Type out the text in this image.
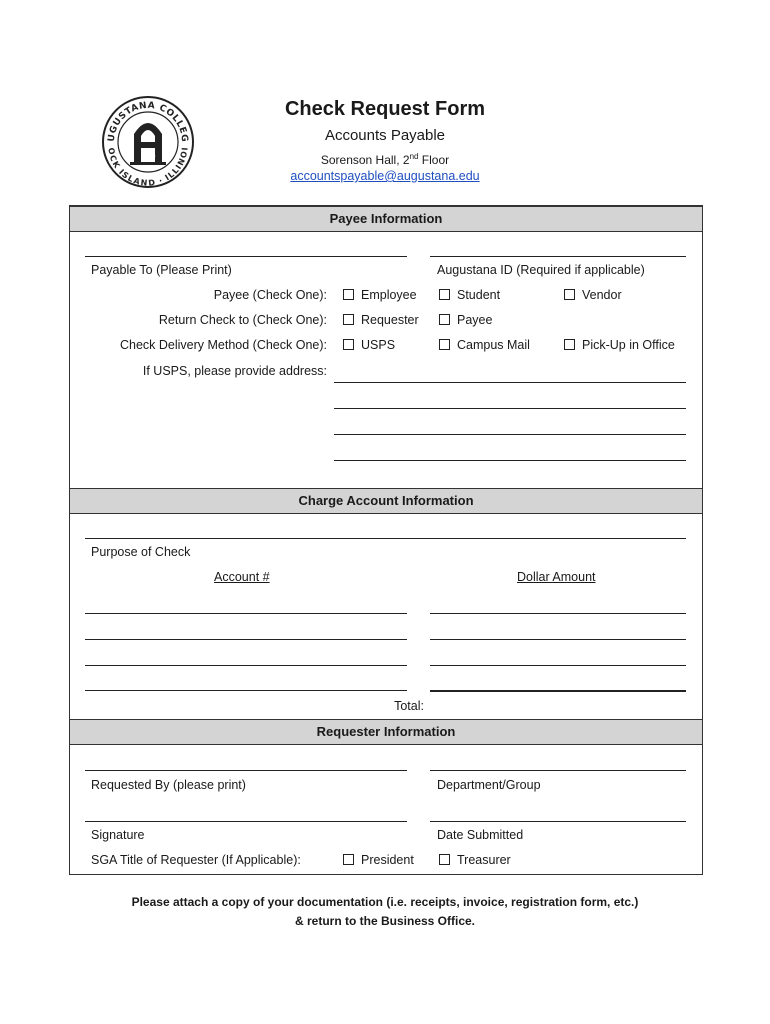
UGUSTANA COLLEG
OCK ISLAND · ILLINOI
1860
Check Request Form
Accounts Payable
Sorenson Hall, 2nd Floor
accountspayable@augustana.edu
Payee Information
Payable To (Please Print)	Augustana ID (Required if applicable)
Payee (Check One):	Employee	Student	Vendor
Return Check to (Check One):	Requester	Payee
Check Delivery Method (Check One):	USPS	Campus Mail	Pick-Up in Office
If USPS, please provide address:
Charge Account Information
Purpose of Check
Account #	Dollar Amount
Total:
Requester Information
Requested By (please print)	Department/Group
Signature	Date Submitted
SGA Title of Requester (If Applicable):	President	Treasurer
Please attach a copy of your documentation (i.e. receipts, invoice, registration form, etc.)
& return to the Business Office.
